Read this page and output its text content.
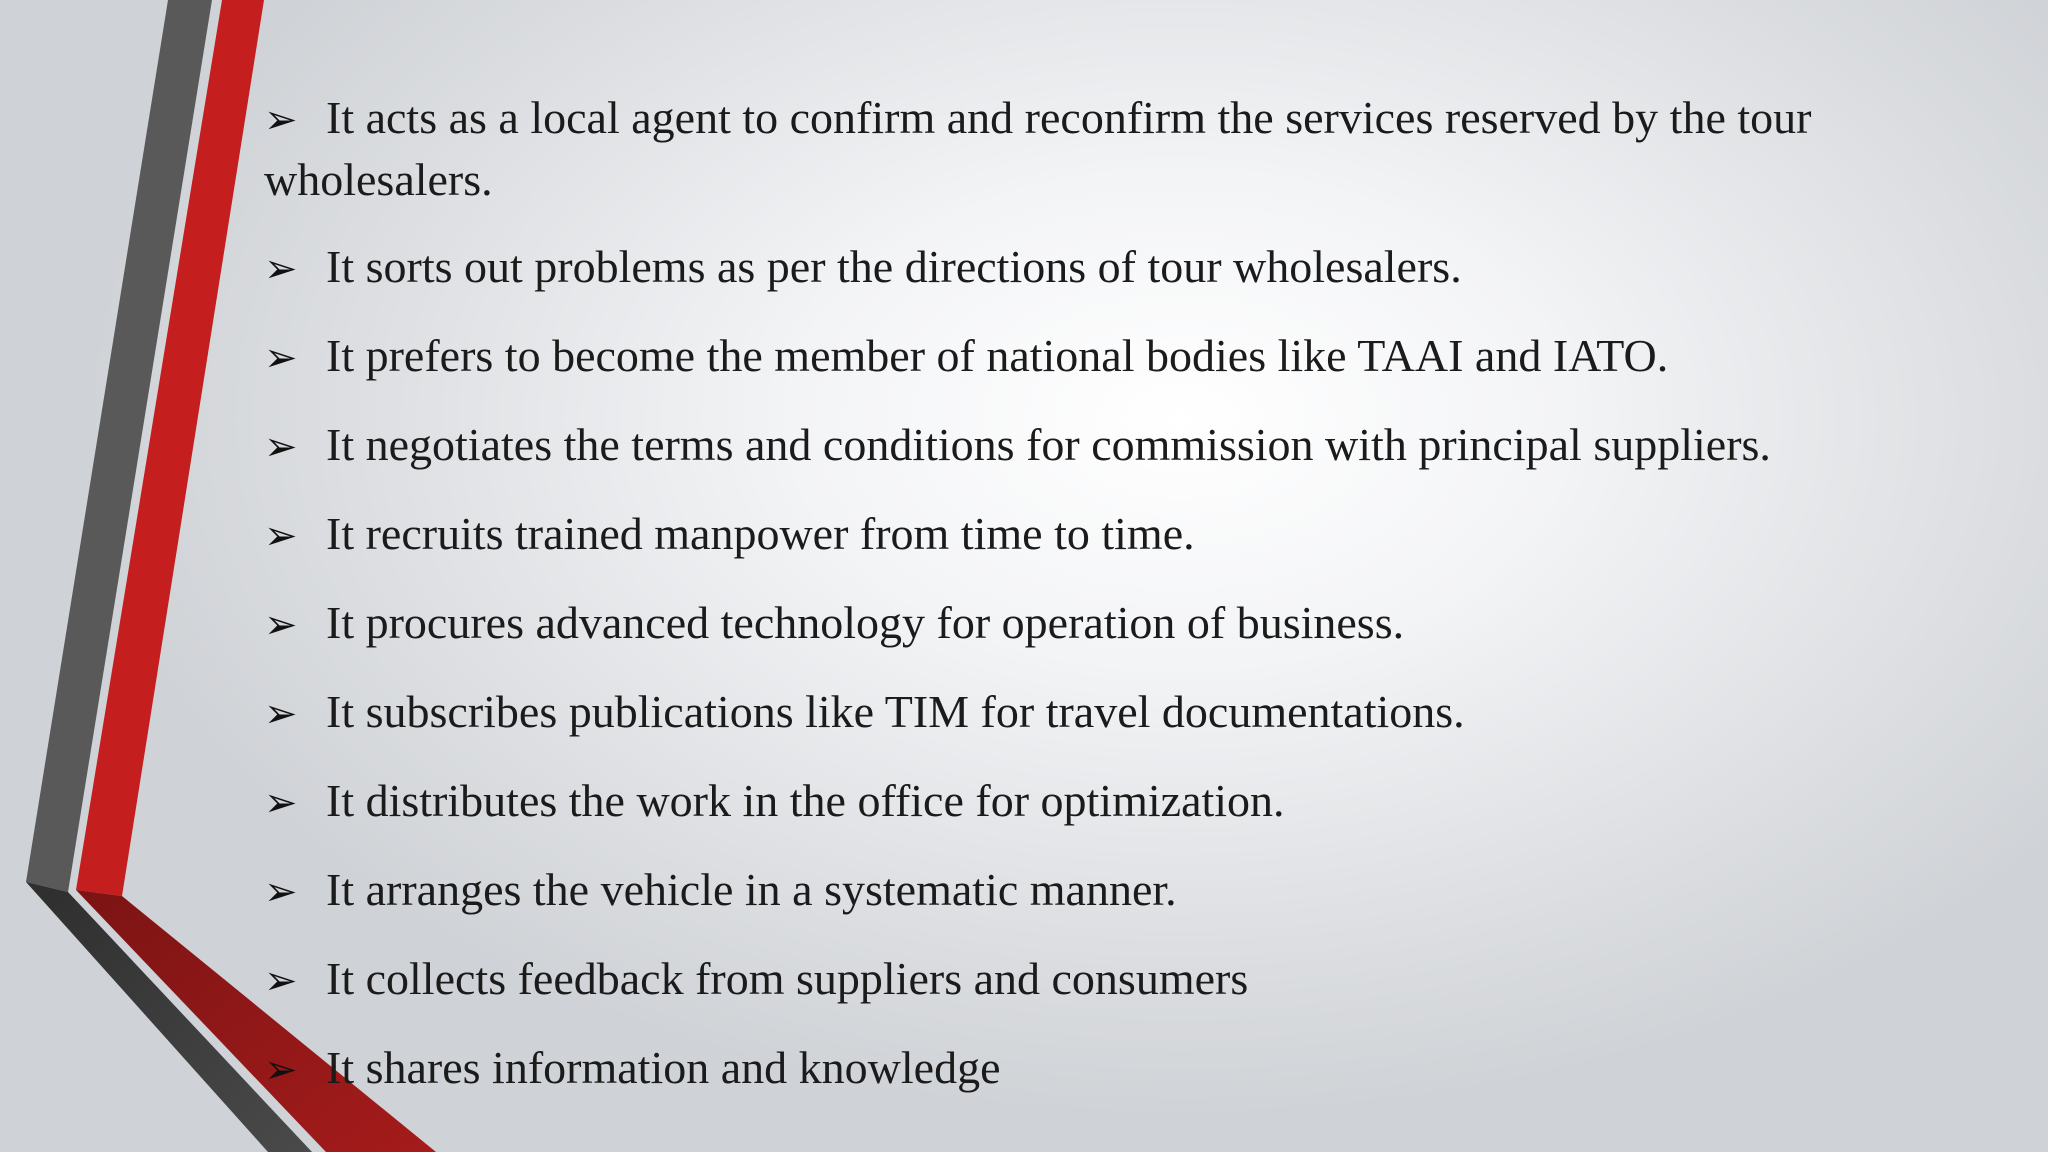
➢ It acts as a local agent to confirm and reconfirm the services reserved by the tour wholesalers.
➢ It sorts out problems as per the directions of tour wholesalers.
➢ It prefers to become the member of national bodies like TAAI and IATO.
➢ It negotiates the terms and conditions for commission with principal suppliers.
➢ It recruits trained manpower from time to time.
➢ It procures advanced technology for operation of business.
➢ It subscribes publications like TIM for travel documentations.
➢ It distributes the work in the office for optimization.
➢ It arranges the vehicle in a systematic manner.
➢ It collects feedback from suppliers and consumers
➢ It shares information and knowledge
